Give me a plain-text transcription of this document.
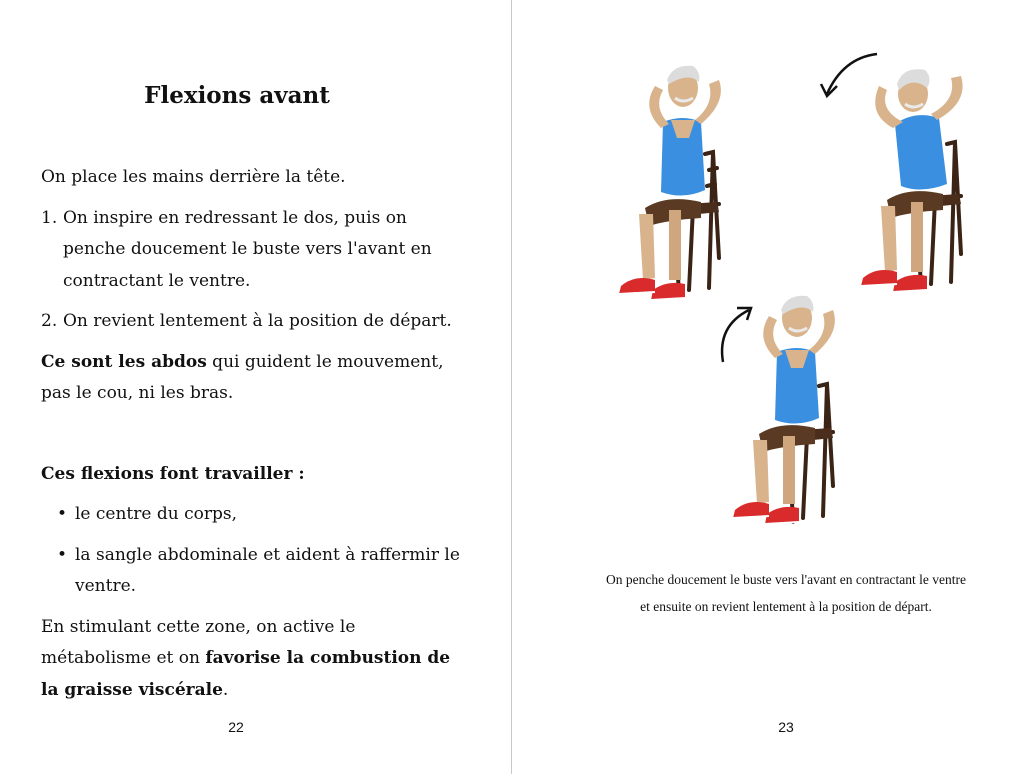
Flexions avant

On place les mains derrière la tête.

1. On inspire en redressant le dos, puis on penche doucement le buste vers l'avant en contractant le ventre.
2. On revient lentement à la position de départ.

Ce sont les abdos qui guident le mouvement, pas le cou, ni les bras.

Ces flexions font travailler :

• le centre du corps,
• la sangle abdominale et aident à raffermir le ventre.

En stimulant cette zone, on active le métabolisme et on favorise la combustion de la graisse viscérale.

22
On penche doucement le buste vers l'avant en contractant le ventre
et ensuite on revient lentement à la position de départ.
23
